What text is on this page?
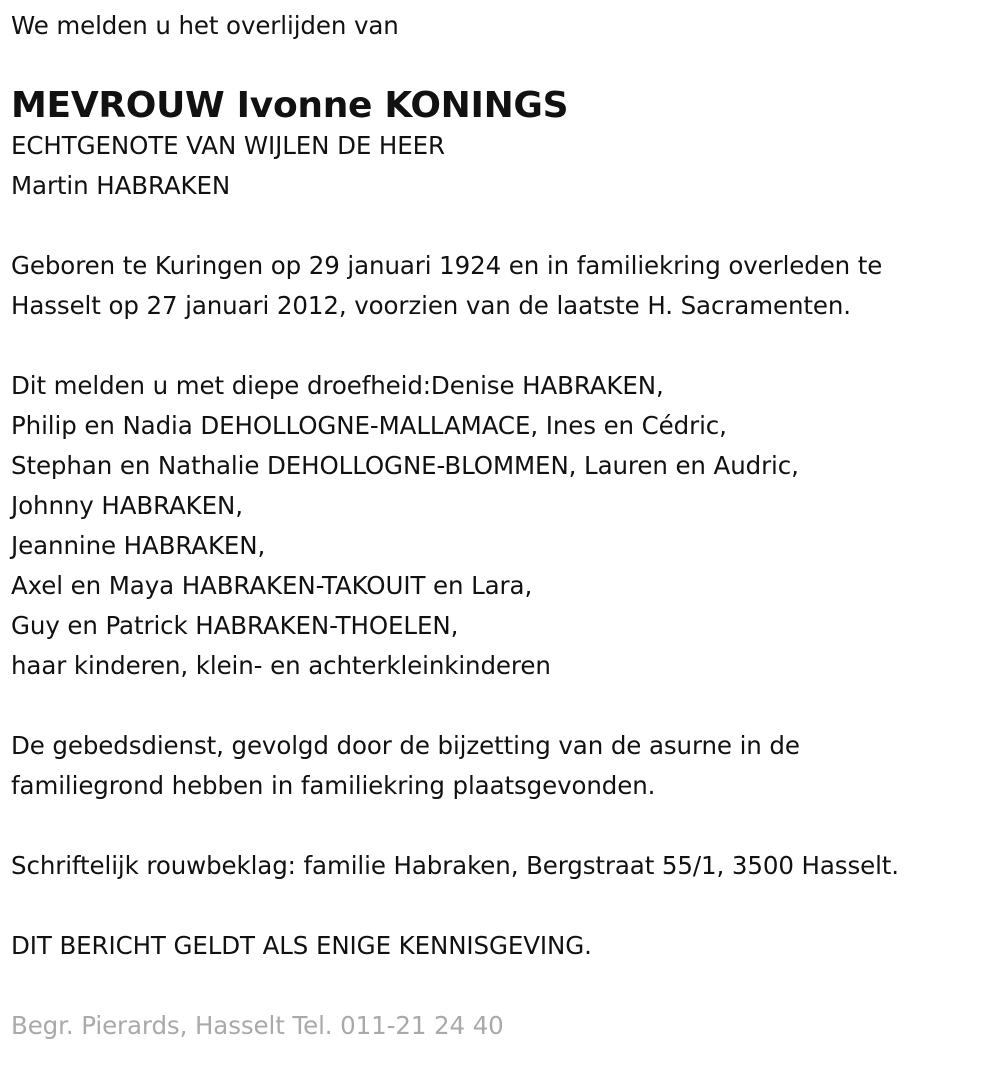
We melden u het overlijden van
MEVROUW Ivonne KONINGS
ECHTGENOTE VAN WIJLEN DE HEER
Martin HABRAKEN
Geboren te Kuringen op 29 januari 1924 en in familiekring overleden te
Hasselt op 27 januari 2012, voorzien van de laatste H. Sacramenten.
Dit melden u met diepe droefheid:Denise HABRAKEN,
Philip en Nadia DEHOLLOGNE-MALLAMACE, Ines en Cédric,
Stephan en Nathalie DEHOLLOGNE-BLOMMEN, Lauren en Audric,
Johnny HABRAKEN,
Jeannine HABRAKEN,
Axel en Maya HABRAKEN-TAKOUIT en Lara,
Guy en Patrick HABRAKEN-THOELEN,
haar kinderen, klein- en achterkleinkinderen
De gebedsdienst, gevolgd door de bijzetting van de asurne in de
familiegrond hebben in familiekring plaatsgevonden.
Schriftelijk rouwbeklag: familie Habraken, Bergstraat 55/1, 3500 Hasselt.
DIT BERICHT GELDT ALS ENIGE KENNISGEVING.
Begr. Pierards, Hasselt Tel. 011-21 24 40
